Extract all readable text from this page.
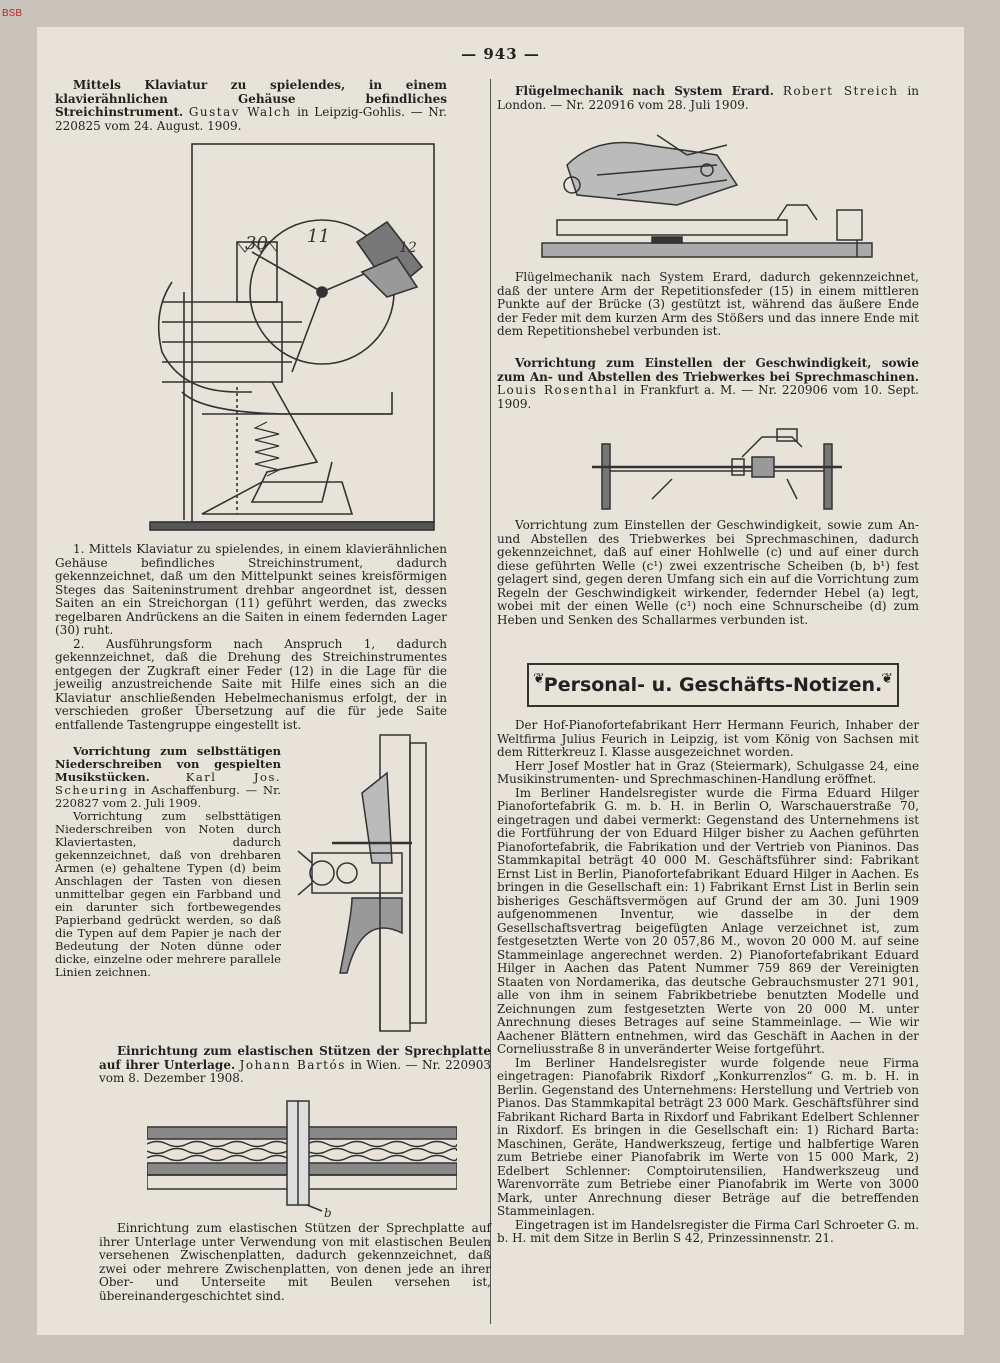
BSB
— 943 —

Mittels Klaviatur zu spielendes, in einem klavierähnlichen Gehäuse befindliches Streichinstrument. Gustav Walch in Leipzig-Gohlis. — Nr. 220825 vom 24. August. 1909.

30 11
12

1. Mittels Klaviatur zu spielendes, in einem klavierähnlichen Gehäuse befindliches Streichinstrument, dadurch gekennzeichnet, daß um den Mittelpunkt seines kreisförmigen Steges das Saiteninstrument drehbar angeordnet ist, dessen Saiten an ein Streichorgan (11) geführt werden, das zwecks regelbaren Andrückens an die Saiten in einem federnden Lager (30) ruht.

2. Ausführungsform nach Anspruch 1, dadurch gekennzeichnet, daß die Drehung des Streichinstrumentes entgegen der Zugkraft einer Feder (12) in die Lage für die jeweilig anzustreichende Saite mit Hilfe eines sich an die Klaviatur anschließenden Hebelmechanismus erfolgt, der in verschieden großer Übersetzung auf die für jede Saite entfallende Tastengruppe eingestellt ist.

Vorrichtung zum selbsttätigen Niederschreiben von gespielten Musikstücken.	Karl Jos. Scheuring in Aschaffenburg. — Nr. 220827 vom 2. Juli 1909.

Vorrichtung zum selbsttätigen Niederschreiben von Noten durch Klaviertasten, dadurch gekennzeichnet, daß von drehbaren Armen (e) gehaltene Typen (d) beim Anschlagen der Tasten von diesen unmittelbar gegen ein Farbband und ein darunter sich fortbewegendes Papierband gedrückt werden, so daß die Typen auf dem Papier je nach der Bedeutung der Noten dünne oder dicke, einzelne oder mehrere parallele Linien zeichnen.

Einrichtung zum elastischen Stützen der Sprechplatte auf ihrer Unterlage. Johann Bartós in Wien. — Nr. 220903 vom 8. Dezember 1908.

b

Einrichtung zum elastischen Stützen der Sprechplatte auf ihrer Unterlage unter Verwendung von mit elastischen Beulen versehenen Zwischenplatten, dadurch gekennzeichnet, daß zwei oder mehrere Zwischenplatten, von denen jede an ihrer Ober- und Unterseite mit Beulen versehen ist, übereinandergeschichtet sind.

Flügelmechanik nach System Erard. Robert Streich in London. — Nr. 220916 vom 28. Juli 1909.

Flügelmechanik nach System Erard, dadurch gekennzeichnet, daß der untere Arm der Repetitionsfeder (15) in einem mittleren Punkte auf der Brücke (3) gestützt ist, während das äußere Ende der Feder mit dem kurzen Arm des Stößers und das innere Ende mit dem Repetitionshebel verbunden ist.

Vorrichtung zum Einstellen der Geschwindigkeit, sowie zum An- und Abstellen des Triebwerkes bei Sprechmaschinen. Louis Rosenthal in Frankfurt a. M. — Nr. 220906 vom 10. Sept. 1909.

Vorrichtung zum Einstellen der Geschwindigkeit, sowie zum An- und Abstellen des Triebwerkes bei Sprechmaschinen, dadurch gekennzeichnet, daß auf einer Hohlwelle (c) und auf einer durch diese geführten Welle (c¹) zwei exzentrische Scheiben (b, b¹) fest gelagert sind, gegen deren Umfang sich ein auf die Vorrichtung zum Regeln der Geschwindigkeit wirkender, federnder Hebel (a) legt, wobei mit der einen Welle (c¹) noch eine Schnurscheibe (d) zum Heben und Senken des Schallarmes verbunden ist.

❦ Personal- u. Geschäfts-Notizen. ❦

Der Hof-Pianofortefabrikant Herr Hermann Feurich, Inhaber der Weltfirma Julius Feurich in Leipzig, ist vom König von Sachsen mit dem Ritterkreuz I. Klasse ausgezeichnet worden.

Herr Josef Mostler hat in Graz (Steiermark), Schulgasse 24, eine Musikinstrumenten- und Sprechmaschinen-Handlung eröffnet.

Im Berliner Handelsregister wurde die Firma Eduard Hilger Pianofortefabrik G. m. b. H. in Berlin O, Warschauerstraße 70, eingetragen und dabei vermerkt: Gegenstand des Unternehmens ist die Fortführung der von Eduard Hilger bisher zu Aachen geführten Pianofortefabrik, die Fabrikation und der Vertrieb von Pianinos. Das Stammkapital beträgt 40 000 M. Geschäftsführer sind: Fabrikant Ernst List in Berlin, Pianofortefabrikant Eduard Hilger in Aachen. Es bringen in die Gesellschaft ein: 1) Fabrikant Ernst List in Berlin sein bisheriges Geschäftsvermögen auf Grund der am 30. Juni 1909 aufgenommenen Inventur, wie dasselbe in der dem Gesellschaftsvertrag beigefügten Anlage verzeichnet ist, zum festgesetzten Werte von 20 057,86 M., wovon 20 000 M. auf seine Stammeinlage angerechnet werden. 2) Pianofortefabrikant Eduard Hilger in Aachen das Patent Nummer 759 869 der Vereinigten Staaten von Nordamerika, das deutsche Gebrauchsmuster 271 901, alle von ihm in seinem Fabrikbetriebe benutzten Modelle und Zeichnungen zum festgesetzten Werte von 20 000 M. unter Anrechnung dieses Betrages auf seine Stammeinlage. — Wie wir Aachener Blättern entnehmen, wird das Geschäft in Aachen in der Corneliusstraße 8 in unveränderter Weise fortgeführt.

Im Berliner Handelsregister wurde folgende neue Firma eingetragen: Pianofabrik Rixdorf „Konkurrenzlos“ G. m. b. H. in Berlin. Gegenstand des Unternehmens: Herstellung und Vertrieb von Pianos. Das Stammkapital beträgt 23 000 Mark. Geschäftsführer sind Fabrikant Richard Barta in Rixdorf und Fabrikant Edelbert Schlenner in Rixdorf. Es bringen in die Gesellschaft ein: 1) Richard Barta: Maschinen, Geräte, Handwerkszeug, fertige und halbfertige Waren zum Betriebe einer Pianofabrik im Werte von 15 000 Mark, 2) Edelbert Schlenner: Comptoirutensilien, Handwerkszeug und Warenvorräte zum Betriebe einer Pianofabrik im Werte von 3000 Mark, unter Anrechnung dieser Beträge auf die betreffenden Stammeinlagen.

Eingetragen ist im Handelsregister die Firma Carl Schroeter G. m. b. H. mit dem Sitze in Berlin S 42, Prinzessinnenstr. 21.
